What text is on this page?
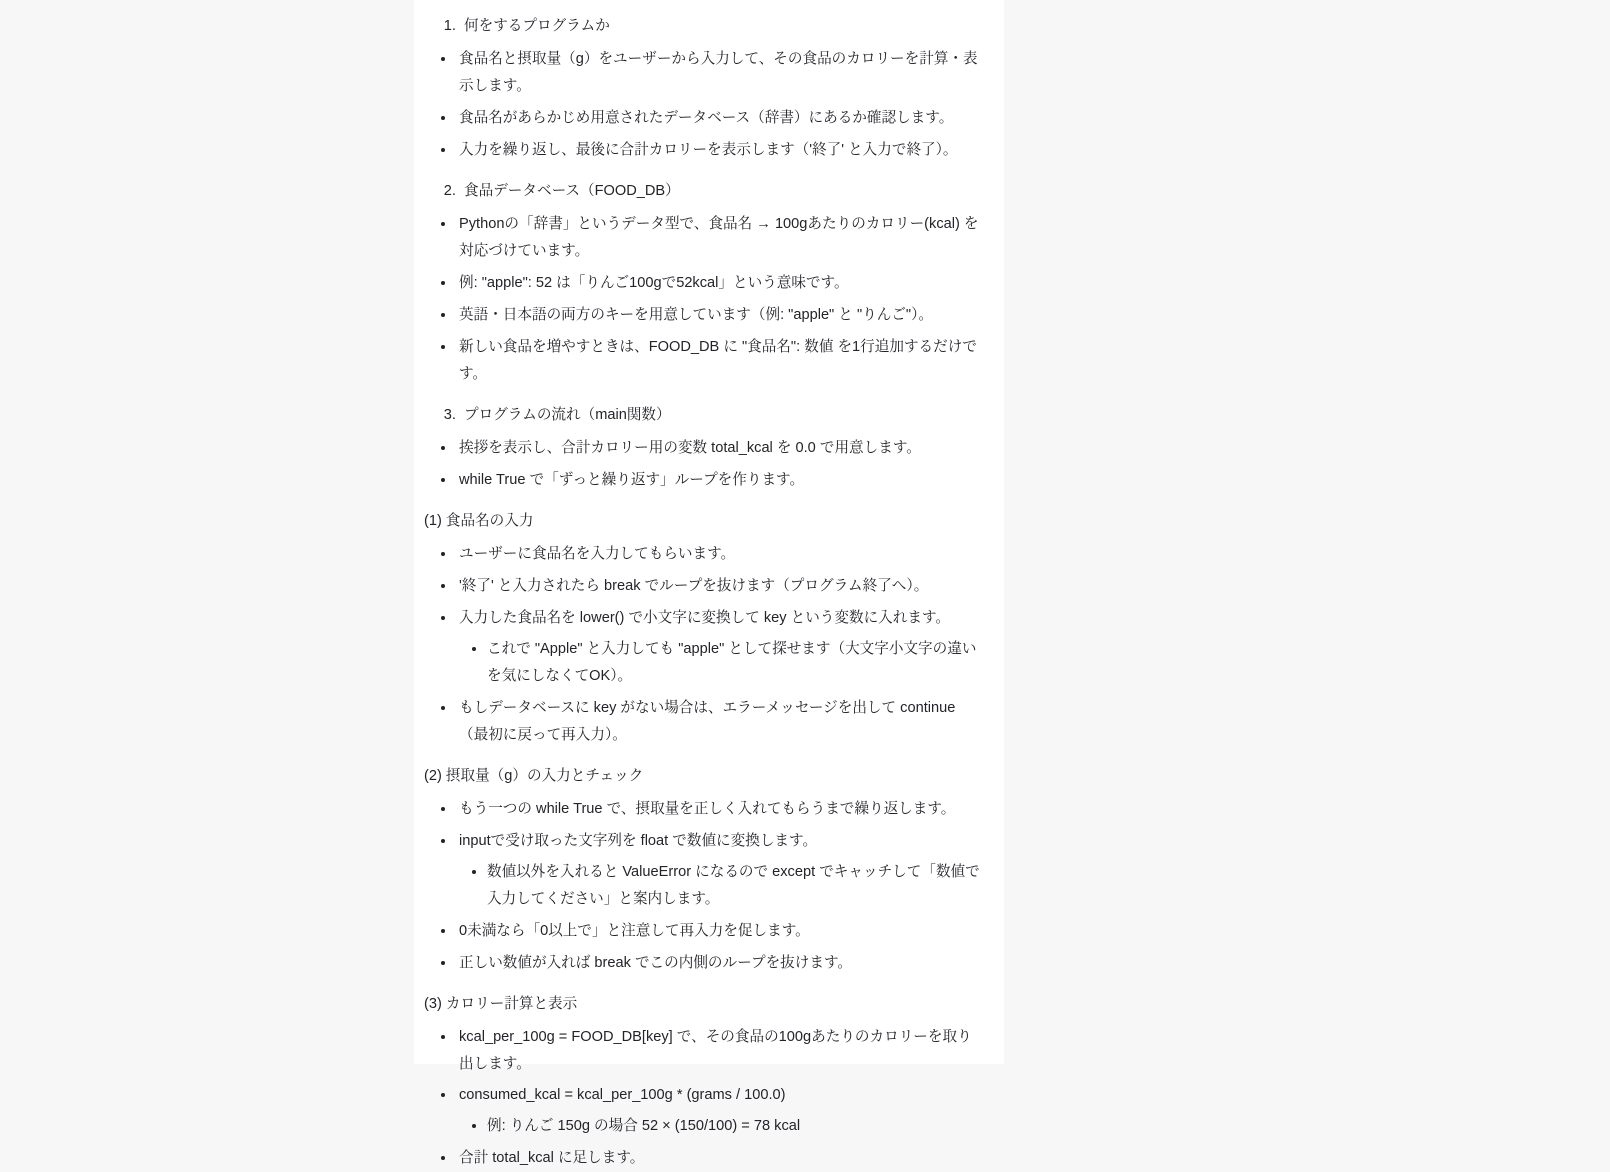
1. 何をするプログラムか
• 食品名と摂取量（g）をユーザーから入力して、その食品のカロリーを計算・表示します。
• 食品名があらかじめ用意されたデータベース（辞書）にあるか確認します。
• 入力を繰り返し、最後に合計カロリーを表示します（'終了' と入力で終了）。
2. 食品データベース（FOOD_DB）
• Pythonの「辞書」というデータ型で、食品名 → 100gあたりのカロリー(kcal) を対応づけています。
• 例: "apple": 52 は「りんご100gで52kcal」という意味です。
• 英語・日本語の両方のキーを用意しています（例: "apple" と "りんご"）。
• 新しい食品を増やすときは、FOOD_DB に "食品名": 数値 を1行追加するだけです。
3. プログラムの流れ（main関数）
• 挨拶を表示し、合計カロリー用の変数 total_kcal を 0.0 で用意します。
• while True で「ずっと繰り返す」ループを作ります。

(1) 食品名の入力

• ユーザーに食品名を入力してもらいます。
• '終了' と入力されたら break でループを抜けます（プログラム終了へ）。
• 入力した食品名を lower() で小文字に変換して key という変数に入れます。
• これで "Apple" と入力しても "apple" として探せます（大文字小文字の違いを気にしなくてOK）。
• もしデータベースに key がない場合は、エラーメッセージを出して continue（最初に戻って再入力）。

(2) 摂取量（g）の入力とチェック

• もう一つの while True で、摂取量を正しく入れてもらうまで繰り返します。
• inputで受け取った文字列を float で数値に変換します。
• 数値以外を入れると ValueError になるので except でキャッチして「数値で入力してください」と案内します。
• 0未満なら「0以上で」と注意して再入力を促します。
• 正しい数値が入れば break でこの内側のループを抜けます。

(3) カロリー計算と表示

• kcal_per_100g = FOOD_DB[key] で、その食品の100gあたりのカロリーを取り出します。
• consumed_kcal = kcal_per_100g * (grams / 100.0)
• 例: りんご 150g の場合 52 × (150/100) = 78 kcal
• 合計 total_kcal に足します。
